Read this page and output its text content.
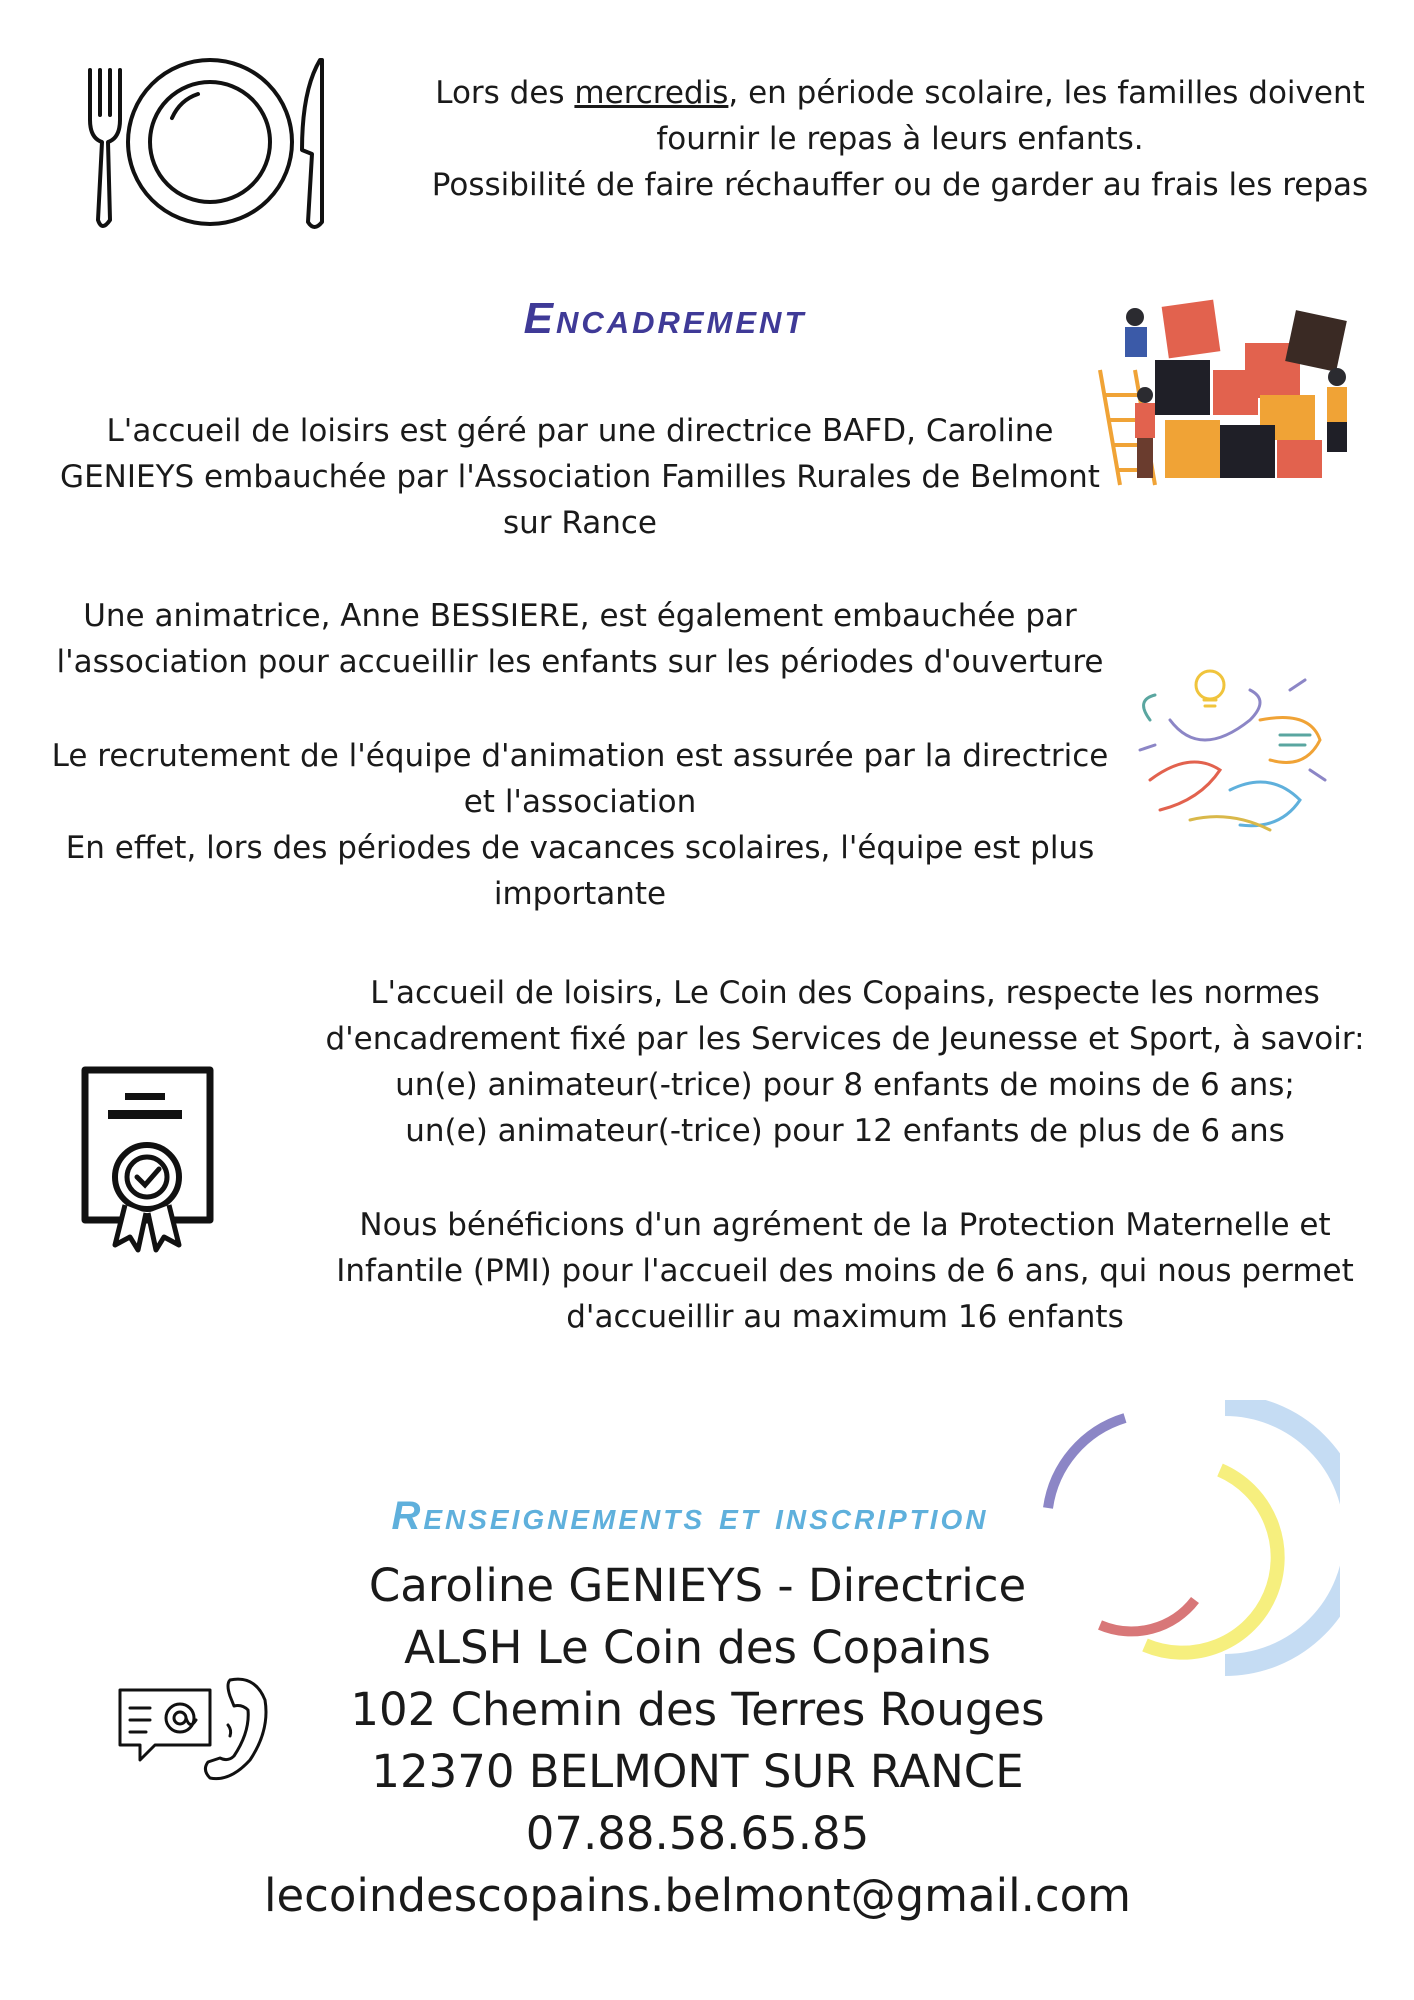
Lors des mercredis, en période scolaire, les familles doivent
fournir le repas à leurs enfants.
Possibilité de faire réchauffer ou de garder au frais les repas
Encadrement
L'accueil de loisirs est géré par une directrice BAFD, Caroline
GENIEYS embauchée par l'Association Familles Rurales de Belmont
sur Rance
Une animatrice, Anne BESSIERE, est également embauchée par
l'association pour accueillir les enfants sur les périodes d'ouverture
Le recrutement de l'équipe d'animation est assurée par la directrice
et l'association
En effet, lors des périodes de vacances scolaires, l'équipe est plus
importante
L'accueil de loisirs, Le Coin des Copains, respecte les normes
d'encadrement fixé par les Services de Jeunesse et Sport, à savoir:
un(e) animateur(-trice) pour 8 enfants de moins de 6 ans;
un(e) animateur(-trice) pour 12 enfants de plus de 6 ans
Nous bénéficions d'un agrément de la Protection Maternelle et
Infantile (PMI) pour l'accueil des moins de 6 ans, qui nous permet
d'accueillir au maximum 16 enfants
Renseignements et inscription
Caroline GENIEYS - Directrice
ALSH Le Coin des Copains
102 Chemin des Terres Rouges
12370 BELMONT SUR RANCE
07.88.58.65.85
lecoindescopains.belmont@gmail.com
